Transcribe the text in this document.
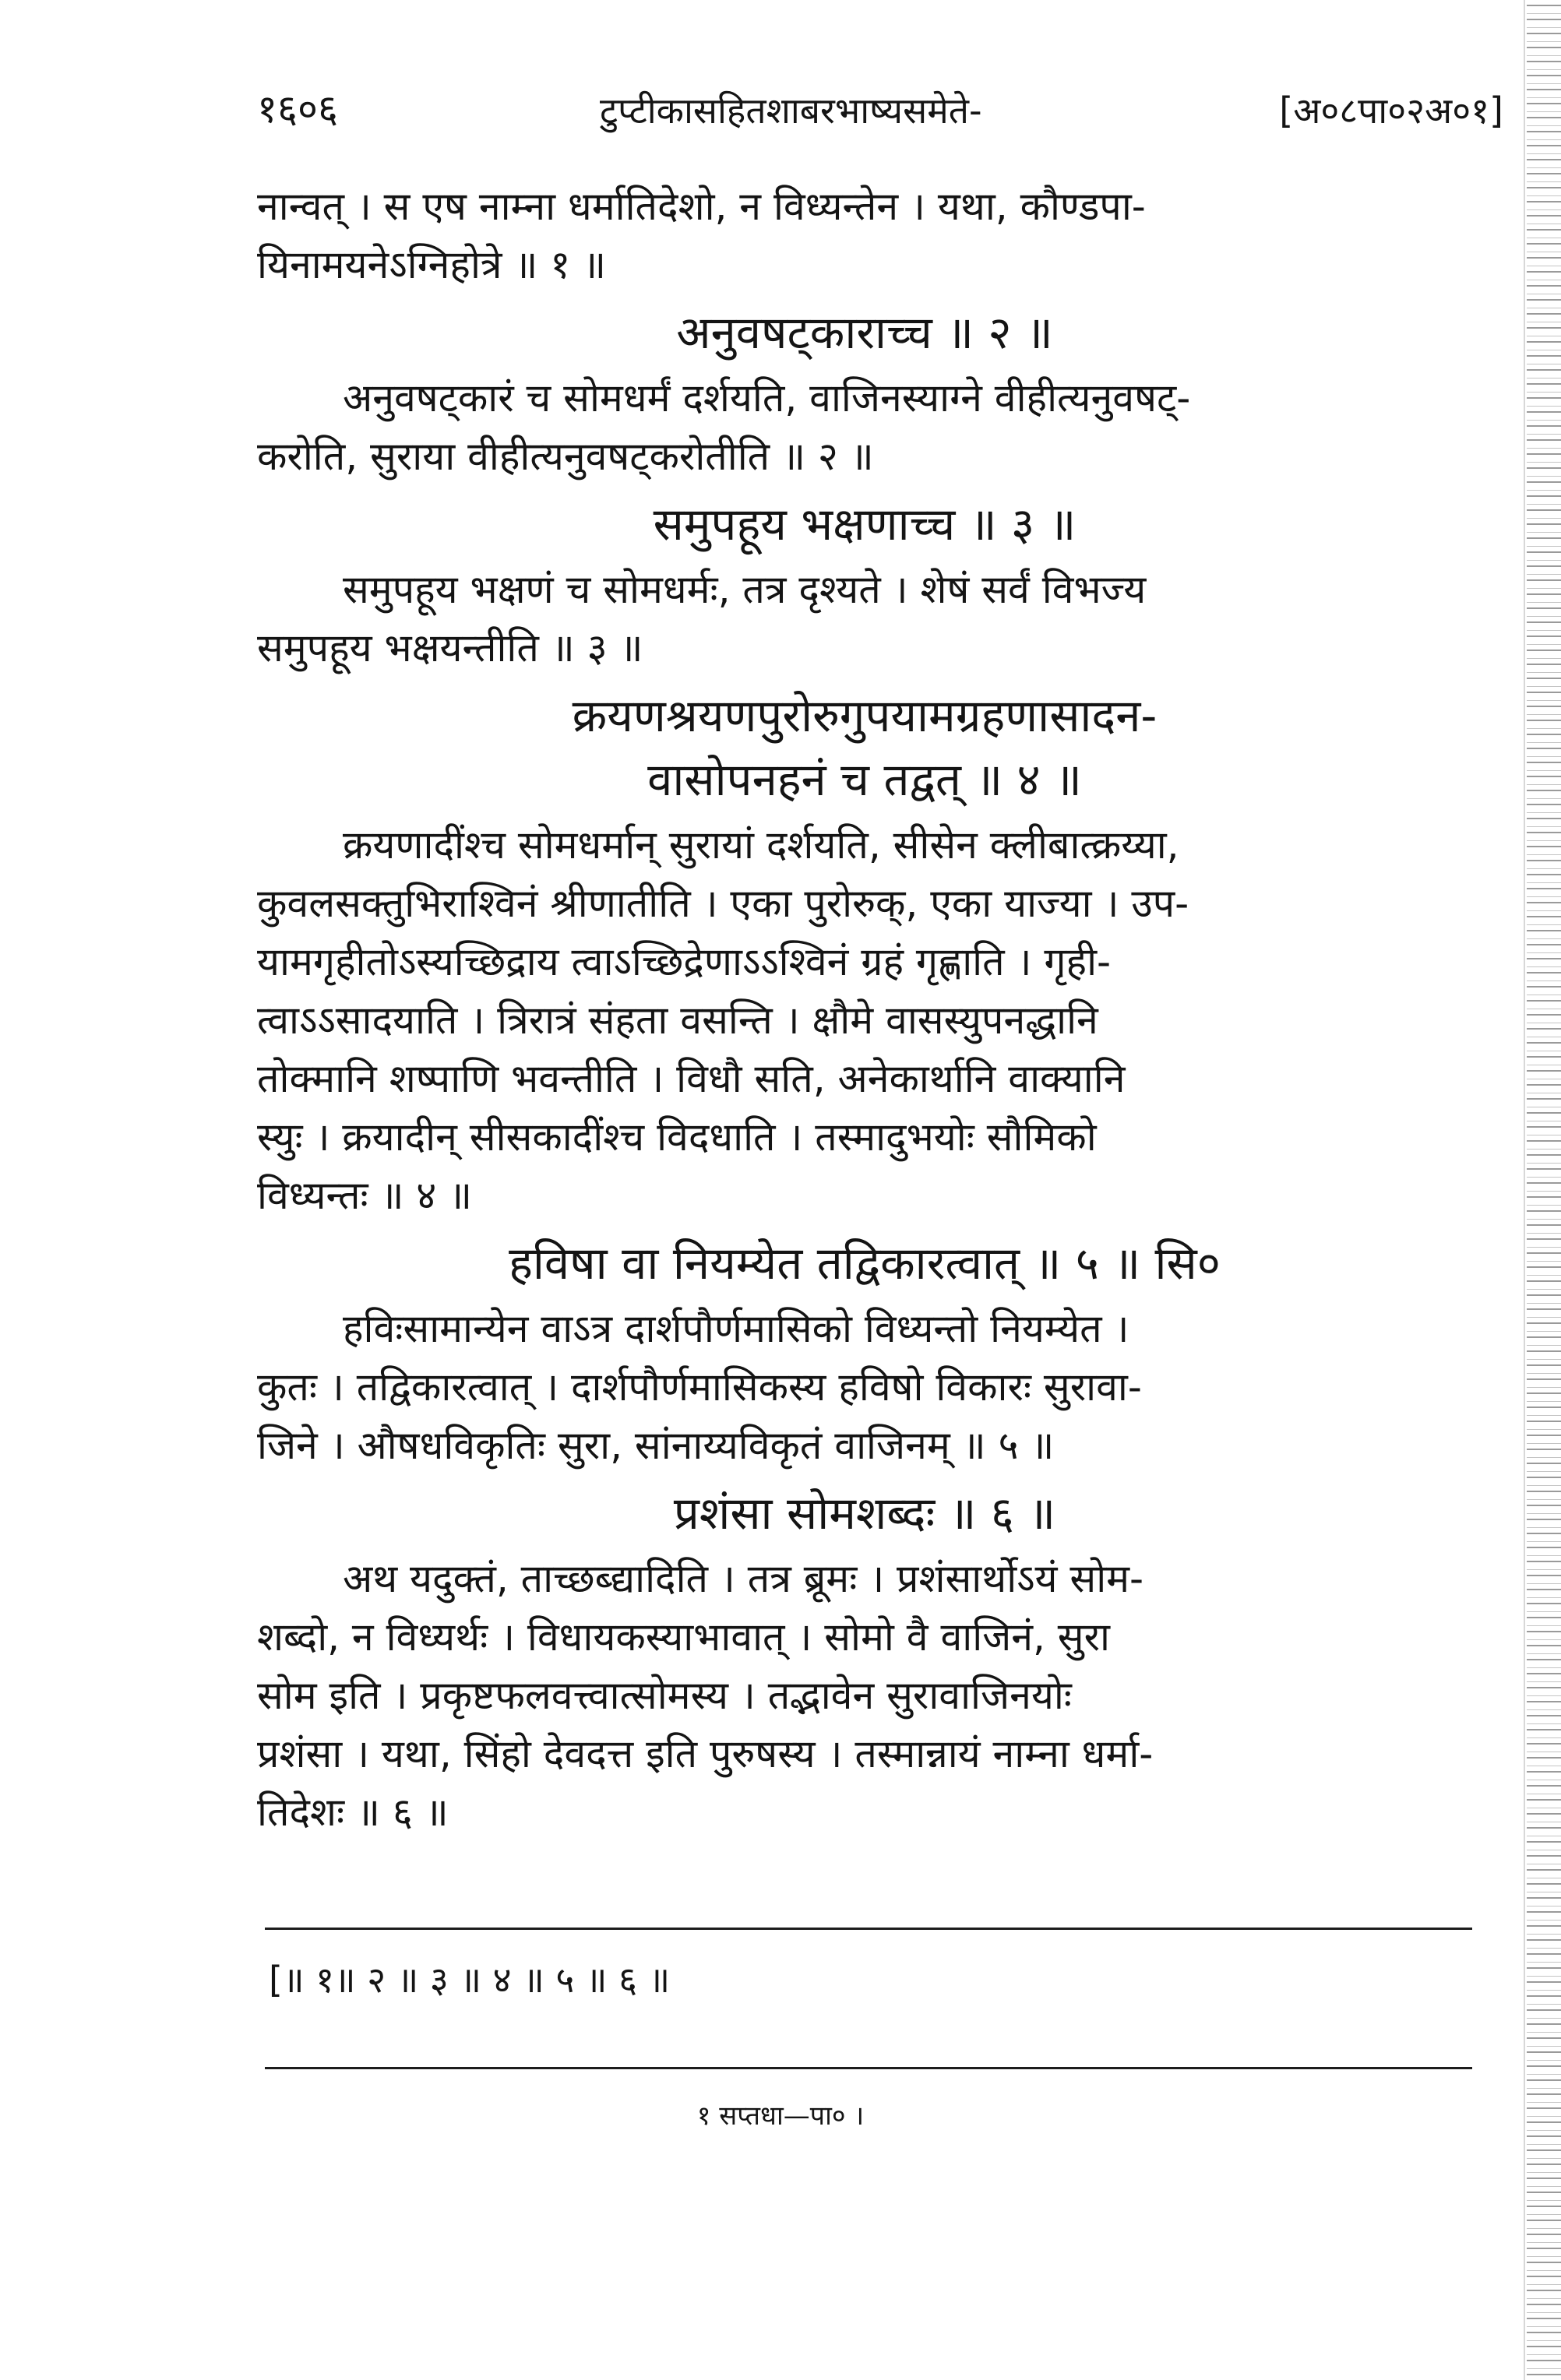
१६०६	टुप्टीकासहितशाबरभाष्यसमेते-	[अ०८पा०२अ०१]

नान्वत् । स एष नाम्ना धर्मातिदेशो, न विध्यन्तेन । यथा, कौण्डपा-
यिनामयनेऽग्निहोत्रे ॥ १ ॥

अनुवषट्काराच्च ॥ २ ॥

अनुवषट्कारं च सोमधर्मं दर्शयति, वाजिनस्याग्ने वीहीत्यनुवषट्-
करोति, सुराया वीहीत्यनुवषट्करोतीति ॥ २ ॥

समुपहूय भक्षणाच्च ॥ ३ ॥

समुपहूय भक्षणं च सोमधर्मः, तत्र दृश्यते । शेषं सर्वं विभज्य
समुपहूय भक्षयन्तीति ॥ ३ ॥

क्रयणश्रयणपुरोरुगुपयामग्रहणासादन-
वासोपनहनं च तद्वत् ॥ ४ ॥

क्रयणादींश्च सोमधर्मान् सुरायां दर्शयति, सीसेन क्लीबात्क्रय्या,
कुवलसक्तुभिराश्विनं श्रीणातीति । एका पुरोरुक्, एका याज्या । उप-
यामगृहीतोऽस्यच्छिद्राय त्वाऽच्छिद्रेणाऽऽश्विनं ग्रहं गृह्णाति । गृही-
त्वाऽऽसादयाति । त्रिरात्रं संहता वसन्ति । क्षौमे वासस्युपनद्धानि
तोक्मानि शष्पाणि भवन्तीति । विधौ सति, अनेकार्थानि वाक्यानि
स्युः । क्रयादीन् सीसकादींश्च विदधाति । तस्मादुभयोः सौमिको
विध्यन्तः ॥ ४ ॥

हविषा वा नियम्येत तद्विकारत्वात् ॥ ५ ॥ सि०

हविःसामान्येन वाऽत्र दार्शपौर्णमासिको विध्यन्तो नियम्येत ।
कुतः । तद्विकारत्वात् । दार्शपौर्णमासिकस्य हविषो विकारः सुरावा-
जिने । औषधविकृतिः सुरा, सांनाय्यविकृतं वाजिनम् ॥ ५ ॥

प्रशंसा सोमशब्दः ॥ ६ ॥

अथ यदुक्तं, ताच्छब्द्यादिति । तत्र ब्रूमः । प्रशंसार्थोऽयं सोम-
शब्दो, न विध्यर्थः । विधायकस्याभावात् । सोमो वै वाजिनं, सुरा
सोम इति । प्रकृष्टफलवत्त्वात्सोमस्य । तद्भावेन सुरावाजिनयोः
प्रशंसा । यथा, सिंहो देवदत्त इति पुरुषस्य । तस्मान्नायं नाम्ना धर्मा-
तिदेशः ॥ ६ ॥

[॥ १॥ २ ॥ ३ ॥ ४ ॥ ५ ॥ ६ ॥
१ सप्तधा—पा० ।
